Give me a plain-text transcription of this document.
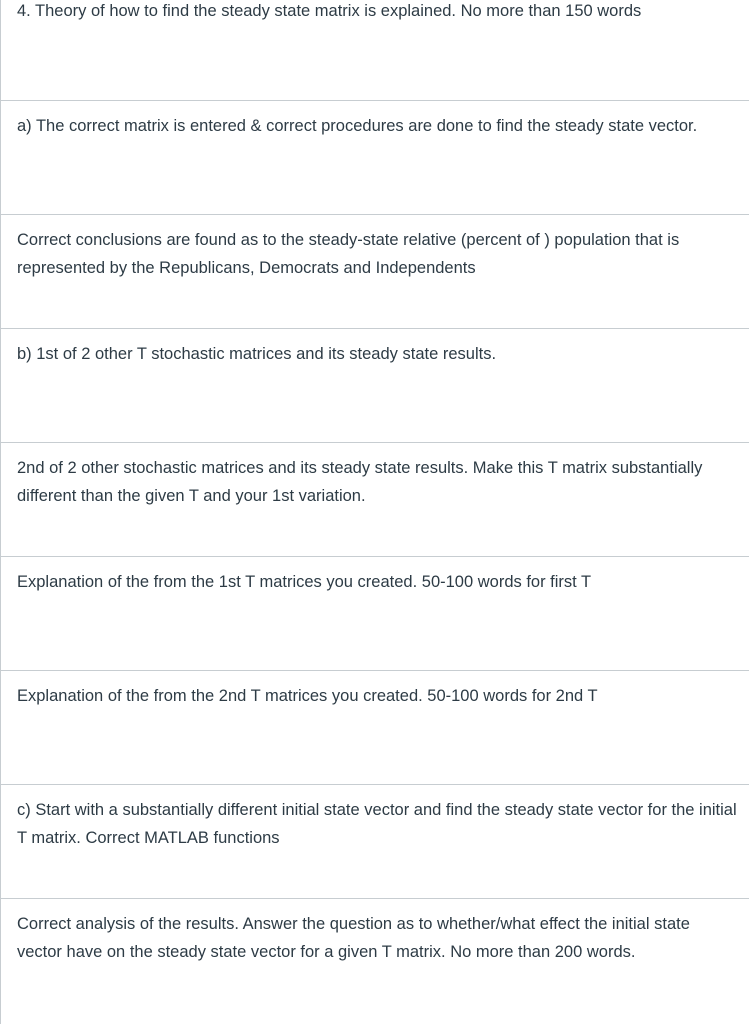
4. Theory of how to find the steady state matrix is explained. No more than 150 words

a) The correct matrix is entered & correct procedures are done to find the steady state vector.

Correct conclusions are found as to the steady-state relative (percent of ) population that is represented by the Republicans, Democrats and Independents

b) 1st of 2 other T stochastic matrices and its steady state results.

2nd of 2 other stochastic matrices and its steady state results. Make this T matrix substantially different than the given T and your 1st variation.

Explanation of the from the 1st T matrices you created. 50-100 words for first T

Explanation of the from the 2nd T matrices you created. 50-100 words for 2nd T

c) Start with a substantially different initial state vector and find the steady state vector for the initial T matrix. Correct MATLAB functions

Correct analysis of the results. Answer the question as to whether/what effect the initial state vector have on the steady state vector for a given T matrix. No more than 200 words.
